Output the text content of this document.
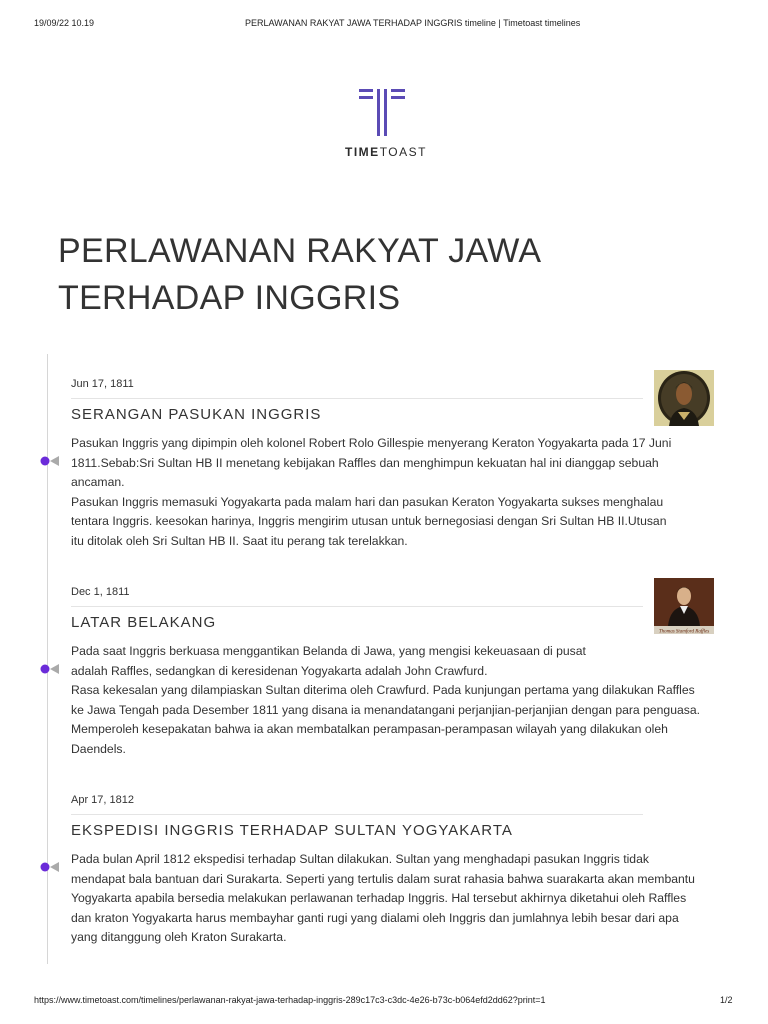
19/09/22 10.19	PERLAWANAN RAKYAT JAWA TERHADAP INGGRIS timeline | Timetoast timelines
TIMETOAST
PERLAWANAN RAKYAT JAWA TERHADAP INGGRIS
Jun 17, 1811
SERANGAN PASUKAN INGGRIS

Pasukan Inggris yang dipimpin oleh kolonel Robert Rolo Gillespie menyerang Keraton Yogyakarta pada 17 Juni 1811.Sebab:Sri Sultan HB II menetang kebijakan Raffles dan menghimpun kekuatan hal ini dianggap sebuah ancaman.

Pasukan Inggris memasuki Yogyakarta pada malam hari dan pasukan Keraton Yogyakarta sukses menghalau tentara Inggris. keesokan harinya, Inggris mengirim utusan untuk bernegosiasi dengan Sri Sultan HB II.Utusan itu ditolak oleh Sri Sultan HB II. Saat itu perang tak terelakkan.

Dec 1, 1811
LATAR BELAKANG

Pada saat Inggris berkuasa menggantikan Belanda di Jawa, yang mengisi kekeuasaan di pusat adalah Raffles, sedangkan di keresidenan Yogyakarta adalah John Crawfurd.

Rasa kekesalan yang dilampiaskan Sultan diterima oleh Crawfurd. Pada kunjungan pertama yang dilakukan Raffles ke Jawa Tengah pada Desember 1811 yang disana ia menandatangani perjanjian-perjanjian dengan para penguasa. Memperoleh kesepakatan bahwa ia akan membatalkan perampasan-perampasan wilayah yang dilakukan oleh Daendels.

Thomas Stamford Raffles
Apr 17, 1812
EKSPEDISI INGGRIS TERHADAP SULTAN YOGYAKARTA

Pada bulan April 1812 ekspedisi terhadap Sultan dilakukan. Sultan yang menghadapi pasukan Inggris tidak mendapat bala bantuan dari Surakarta. Seperti yang tertulis dalam surat rahasia bahwa suarakarta akan membantu Yogyakarta apabila bersedia melakukan perlawanan terhadap Inggris. Hal tersebut akhirnya diketahui oleh Raffles dan kraton Yogyakarta harus membayhar ganti rugi yang dialami oleh Inggris dan jumlahnya lebih besar dari apa yang ditanggung oleh Kraton Surakarta.

https://www.timetoast.com/timelines/perlawanan-rakyat-jawa-terhadap-inggris-289c17c3-c3dc-4e26-b73c-b064efd2dd62?print=1	1/2
